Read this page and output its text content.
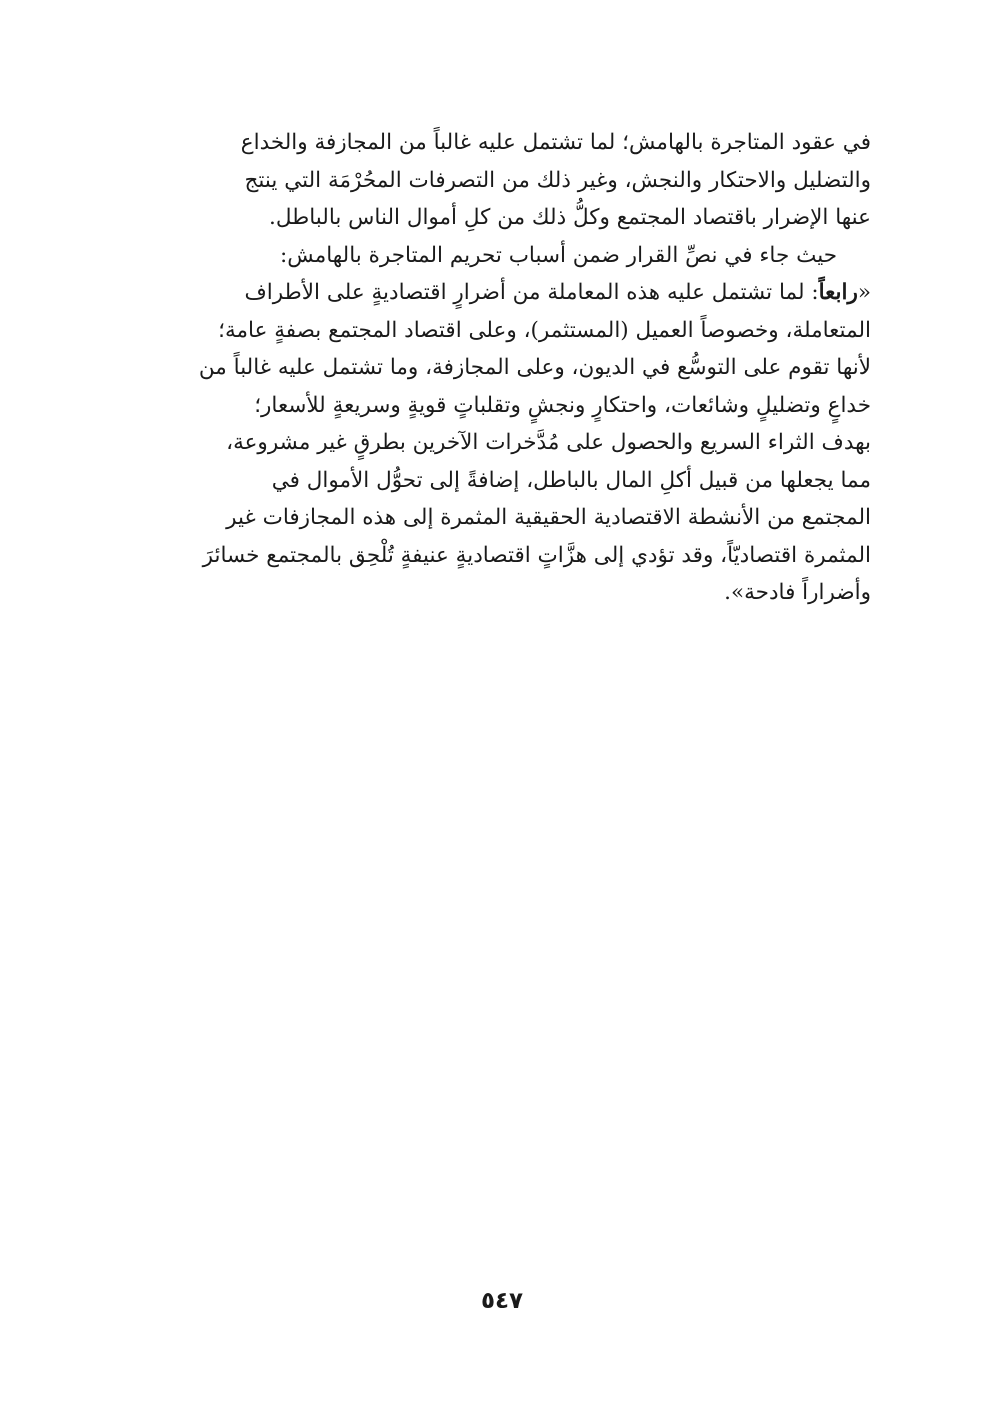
في عقود المتاجرة بالهامش؛ لما تشتمل عليه غالباً من المجازفة والخداع
والتضليل والاحتكار والنجش، وغير ذلك من التصرفات المحُرْمَة التي ينتج
عنها الإضرار باقتصاد المجتمع وكلُّ ذلك من كلِ أموال الناس بالباطل.
حيث جاء في نصِّ القرار ضمن أسباب تحريم المتاجرة بالهامش:
«رابعاً: لما تشتمل عليه هذه المعاملة من أضرارٍ اقتصاديةٍ على الأطراف
المتعاملة، وخصوصاً العميل (المستثمر)، وعلى اقتصاد المجتمع بصفةٍ عامة؛
لأنها تقوم على التوسُّع في الديون، وعلى المجازفة، وما تشتمل عليه غالباً من
خداعٍ وتضليلٍ وشائعات، واحتكارٍ ونجشٍ وتقلباتٍ قويةٍ وسريعةٍ للأسعار؛
بهدف الثراء السريع والحصول على مُدَّخرات الآخرين بطرقٍ غير مشروعة،
مما يجعلها من قبيل أكلِ المال بالباطل، إضافةً إلى تحوُّل الأموال في
المجتمع من الأنشطة الاقتصادية الحقيقية المثمرة إلى هذه المجازفات غير
المثمرة اقتصاديّاً، وقد تؤدي إلى هزَّاتٍ اقتصاديةٍ عنيفةٍ تُلْحِق بالمجتمع خسائرَ
وأضراراً فادحة».
٥٤٧
